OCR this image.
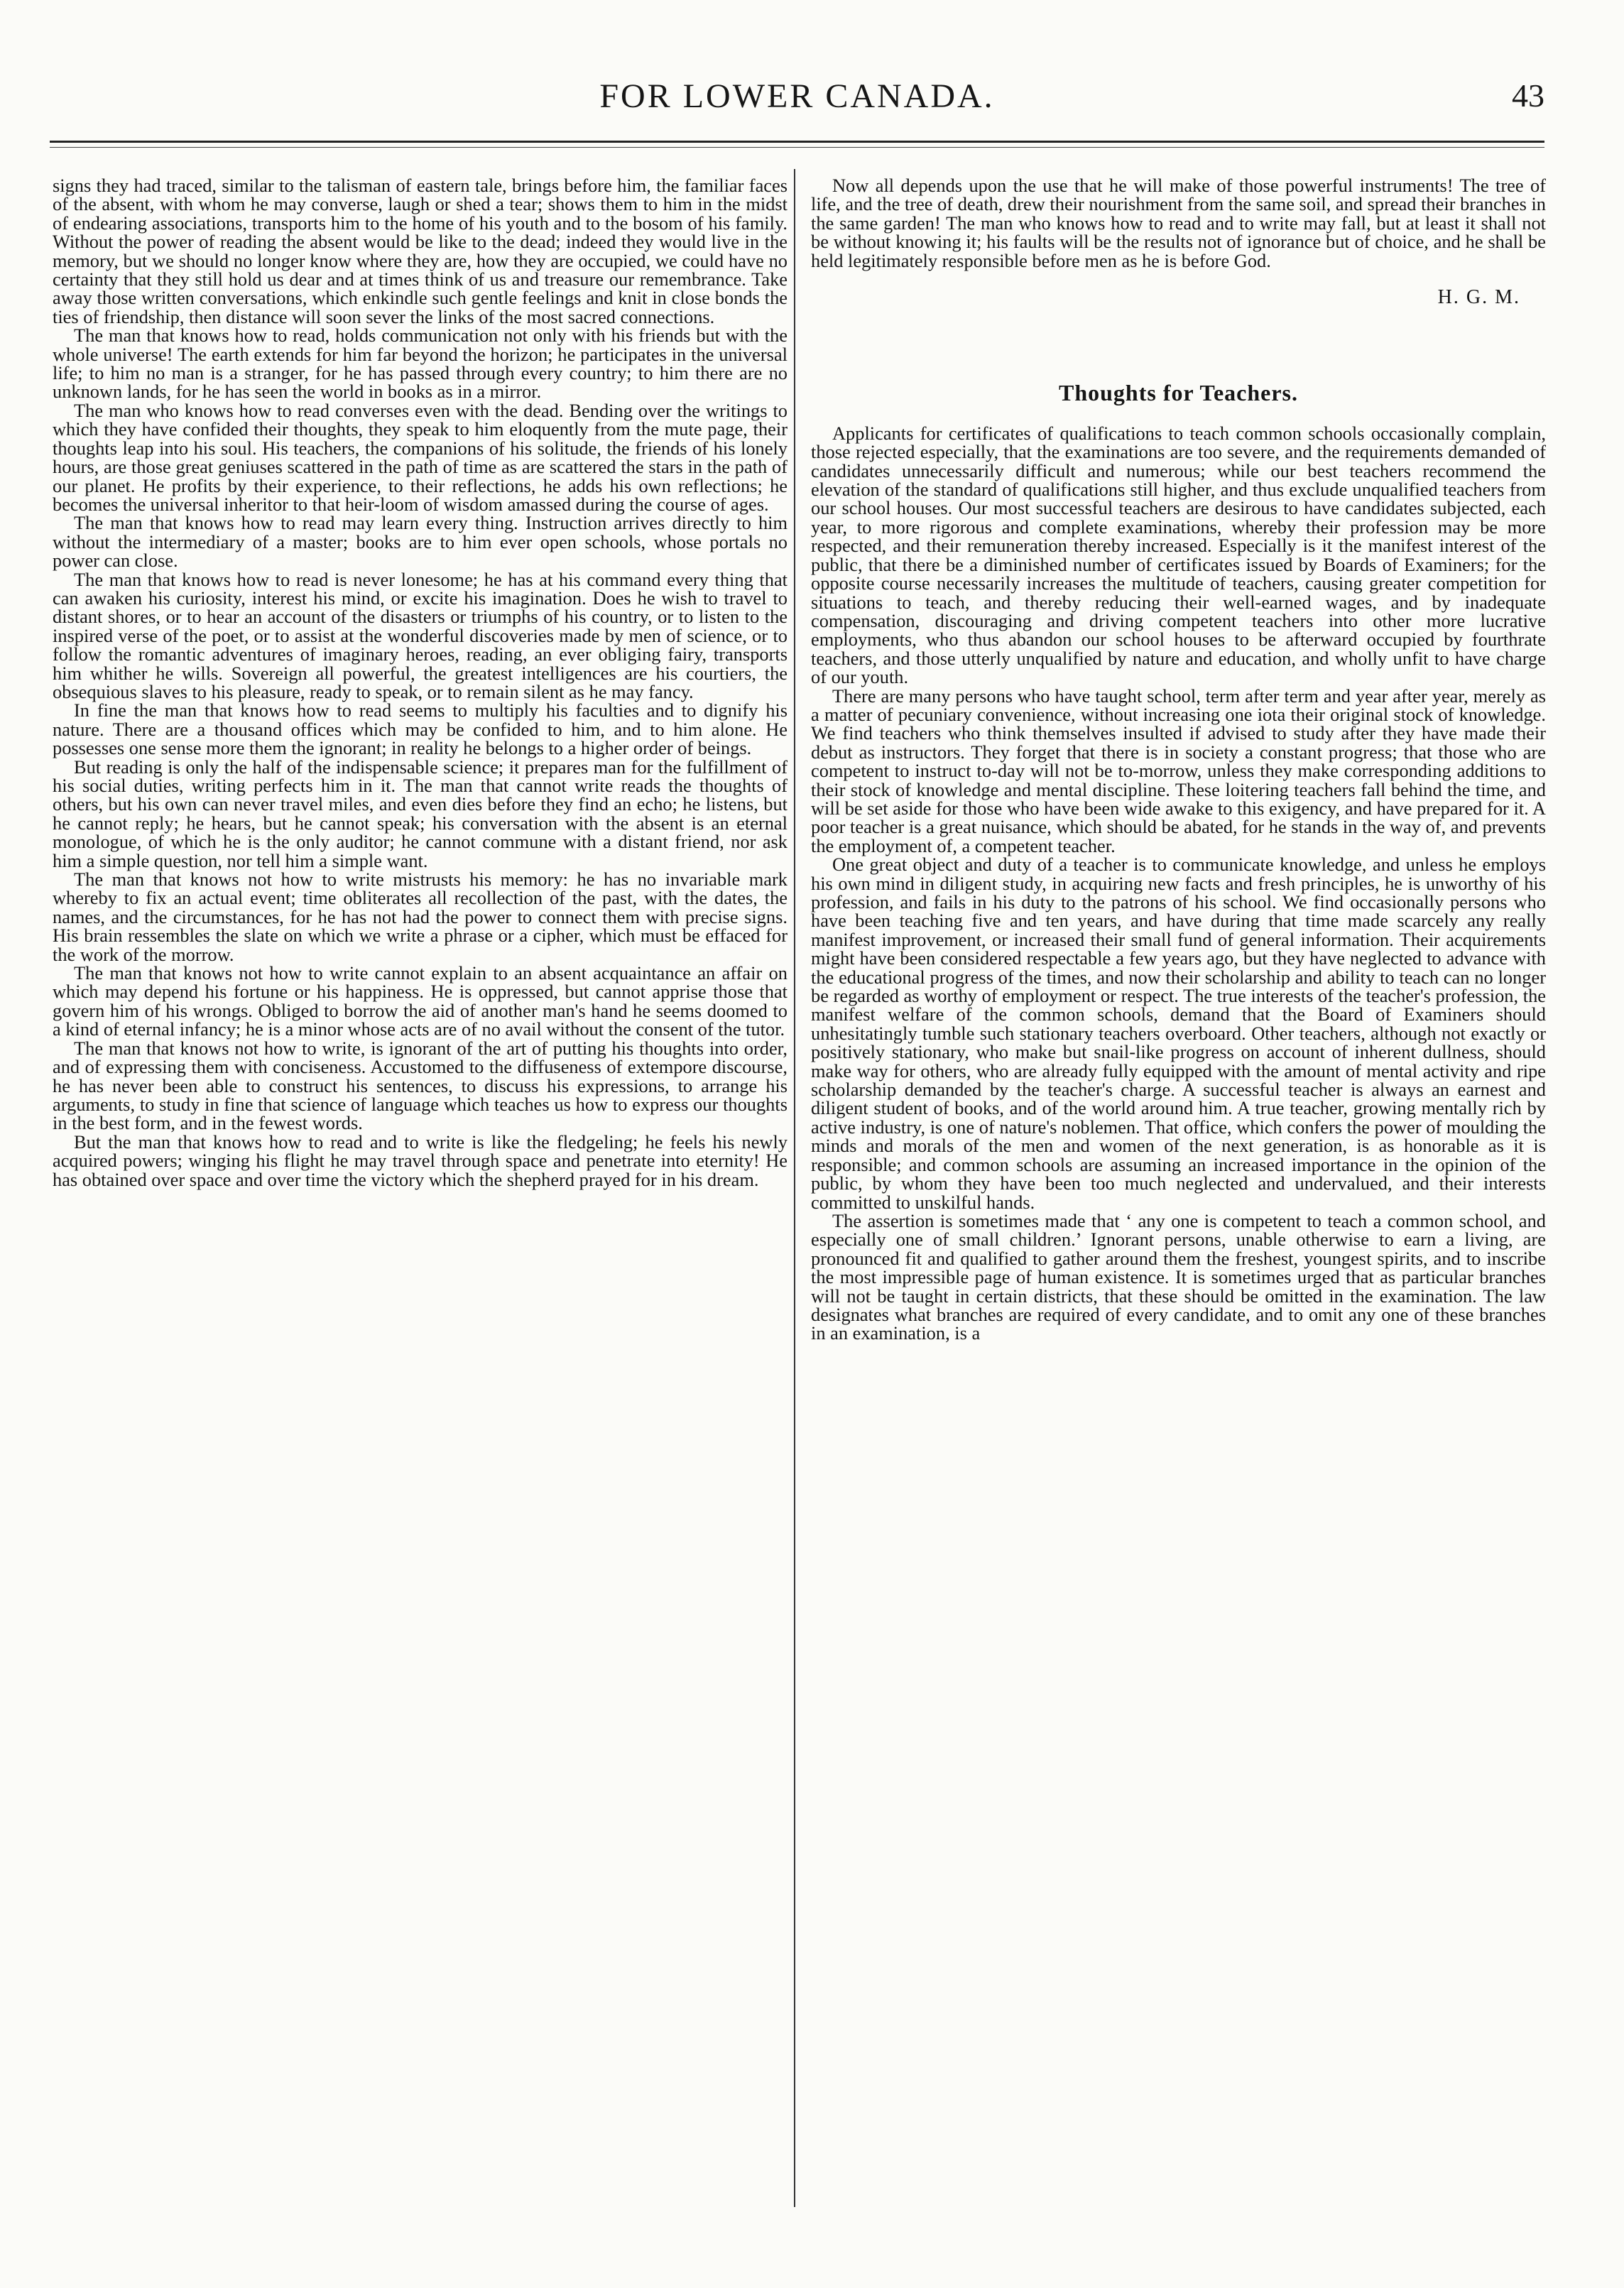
FOR LOWER CANADA.	43

signs they had traced, similar to the talisman of eastern tale, brings before him, the familiar faces of the absent, with whom he may converse, laugh or shed a tear; shows them to him in the midst of endearing associations, transports him to the home of his youth and to the bosom of his family. Without the power of reading the absent would be like to the dead; indeed they would live in the memory, but we should no longer know where they are, how they are occupied, we could have no certainty that they still hold us dear and at times think of us and treasure our remembrance. Take away those written conversations, which enkindle such gentle feelings and knit in close bonds the ties of friendship, then distance will soon sever the links of the most sacred connections.

The man that knows how to read, holds communication not only with his friends but with the whole universe! The earth extends for him far beyond the horizon; he participates in the universal life; to him no man is a stranger, for he has passed through every country; to him there are no unknown lands, for he has seen the world in books as in a mirror.

The man who knows how to read converses even with the dead. Bending over the writings to which they have confided their thoughts, they speak to him eloquently from the mute page, their thoughts leap into his soul. His teachers, the companions of his solitude, the friends of his lonely hours, are those great geniuses scattered in the path of time as are scattered the stars in the path of our planet. He profits by their experience, to their reflections, he adds his own reflections; he becomes the universal inheritor to that heir-loom of wisdom amassed during the course of ages.

The man that knows how to read may learn every thing. Instruction arrives directly to him without the intermediary of a master; books are to him ever open schools, whose portals no power can close.

The man that knows how to read is never lonesome; he has at his command every thing that can awaken his curiosity, interest his mind, or excite his imagination. Does he wish to travel to distant shores, or to hear an account of the disasters or triumphs of his country, or to listen to the inspired verse of the poet, or to assist at the wonderful discoveries made by men of science, or to follow the romantic adventures of imaginary heroes, reading, an ever obliging fairy, transports him whither he wills. Sovereign all powerful, the greatest intelligences are his courtiers, the obsequious slaves to his pleasure, ready to speak, or to remain silent as he may fancy.

In fine the man that knows how to read seems to multiply his faculties and to dignify his nature. There are a thousand offices which may be confided to him, and to him alone. He possesses one sense more them the ignorant; in reality he belongs to a higher order of beings.

But reading is only the half of the indispensable science; it prepares man for the fulfillment of his social duties, writing perfects him in it. The man that cannot write reads the thoughts of others, but his own can never travel miles, and even dies before they find an echo; he listens, but he cannot reply; he hears, but he cannot speak; his conversation with the absent is an eternal monologue, of which he is the only auditor; he cannot commune with a distant friend, nor ask him a simple question, nor tell him a simple want.

The man that knows not how to write mistrusts his memory: he has no invariable mark whereby to fix an actual event; time obliterates all recollection of the past, with the dates, the names, and the circumstances, for he has not had the power to connect them with precise signs. His brain ressembles the slate on which we write a phrase or a cipher, which must be effaced for the work of the morrow.

The man that knows not how to write cannot explain to an absent acquaintance an affair on which may depend his fortune or his happiness. He is oppressed, but cannot apprise those that govern him of his wrongs. Obliged to borrow the aid of another man's hand he seems doomed to a kind of eternal infancy; he is a minor whose acts are of no avail without the consent of the tutor.

The man that knows not how to write, is ignorant of the art of putting his thoughts into order, and of expressing them with conciseness. Accustomed to the diffuseness of extempore discourse, he has never been able to construct his sentences, to discuss his expressions, to arrange his arguments, to study in fine that science of language which teaches us how to express our thoughts in the best form, and in the fewest words.

But the man that knows how to read and to write is like the fledgeling; he feels his newly acquired powers; winging his flight he may travel through space and penetrate into eternity! He has obtained over space and over time the victory which the shepherd prayed for in his dream.

Now all depends upon the use that he will make of those powerful instruments! The tree of life, and the tree of death, drew their nourishment from the same soil, and spread their branches in the same garden! The man who knows how to read and to write may fall, but at least it shall not be without knowing it; his faults will be the results not of ignorance but of choice, and he shall be held legitimately responsible before men as he is before God.

H. G. M.
Thoughts for Teachers.

Applicants for certificates of qualifications to teach common schools occasionally complain, those rejected especially, that the examinations are too severe, and the requirements demanded of candidates unnecessarily difficult and numerous; while our best teachers recommend the elevation of the standard of qualifications still higher, and thus exclude unqualified teachers from our school houses. Our most successful teachers are desirous to have candidates subjected, each year, to more rigorous and complete examinations, whereby their profession may be more respected, and their remuneration thereby increased. Especially is it the manifest interest of the public, that there be a diminished number of certificates issued by Boards of Examiners; for the opposite course necessarily increases the multitude of teachers, causing greater competition for situations to teach, and thereby reducing their well-earned wages, and by inadequate compensation, discouraging and driving competent teachers into other more lucrative employments, who thus abandon our school houses to be afterward occupied by fourthrate teachers, and those utterly unqualified by nature and education, and wholly unfit to have charge of our youth.

There are many persons who have taught school, term after term and year after year, merely as a matter of pecuniary convenience, without increasing one iota their original stock of knowledge. We find teachers who think themselves insulted if advised to study after they have made their debut as instructors. They forget that there is in society a constant progress; that those who are competent to instruct to-day will not be to-morrow, unless they make corresponding additions to their stock of knowledge and mental discipline. These loitering teachers fall behind the time, and will be set aside for those who have been wide awake to this exigency, and have prepared for it. A poor teacher is a great nuisance, which should be abated, for he stands in the way of, and prevents the employment of, a competent teacher.

One great object and duty of a teacher is to communicate knowledge, and unless he employs his own mind in diligent study, in acquiring new facts and fresh principles, he is unworthy of his profession, and fails in his duty to the patrons of his school. We find occasionally persons who have been teaching five and ten years, and have during that time made scarcely any really manifest improvement, or increased their small fund of general information. Their acquirements might have been considered respectable a few years ago, but they have neglected to advance with the educational progress of the times, and now their scholarship and ability to teach can no longer be regarded as worthy of employment or respect. The true interests of the teacher's profession, the manifest welfare of the common schools, demand that the Board of Examiners should unhesitatingly tumble such stationary teachers overboard. Other teachers, although not exactly or positively stationary, who make but snail-like progress on account of inherent dullness, should make way for others, who are already fully equipped with the amount of mental activity and ripe scholarship demanded by the teacher's charge. A successful teacher is always an earnest and diligent student of books, and of the world around him. A true teacher, growing mentally rich by active industry, is one of nature's noblemen. That office, which confers the power of moulding the minds and morals of the men and women of the next generation, is as honorable as it is responsible; and common schools are assuming an increased importance in the opinion of the public, by whom they have been too much neglected and undervalued, and their interests committed to unskilful hands.

The assertion is sometimes made that ‘ any one is competent to teach a common school, and especially one of small children.’ Ignorant persons, unable otherwise to earn a living, are pronounced fit and qualified to gather around them the freshest, youngest spirits, and to inscribe the most impressible page of human existence. It is sometimes urged that as particular branches will not be taught in certain districts, that these should be omitted in the examination. The law designates what branches are required of every candidate, and to omit any one of these branches in an examination, is a
